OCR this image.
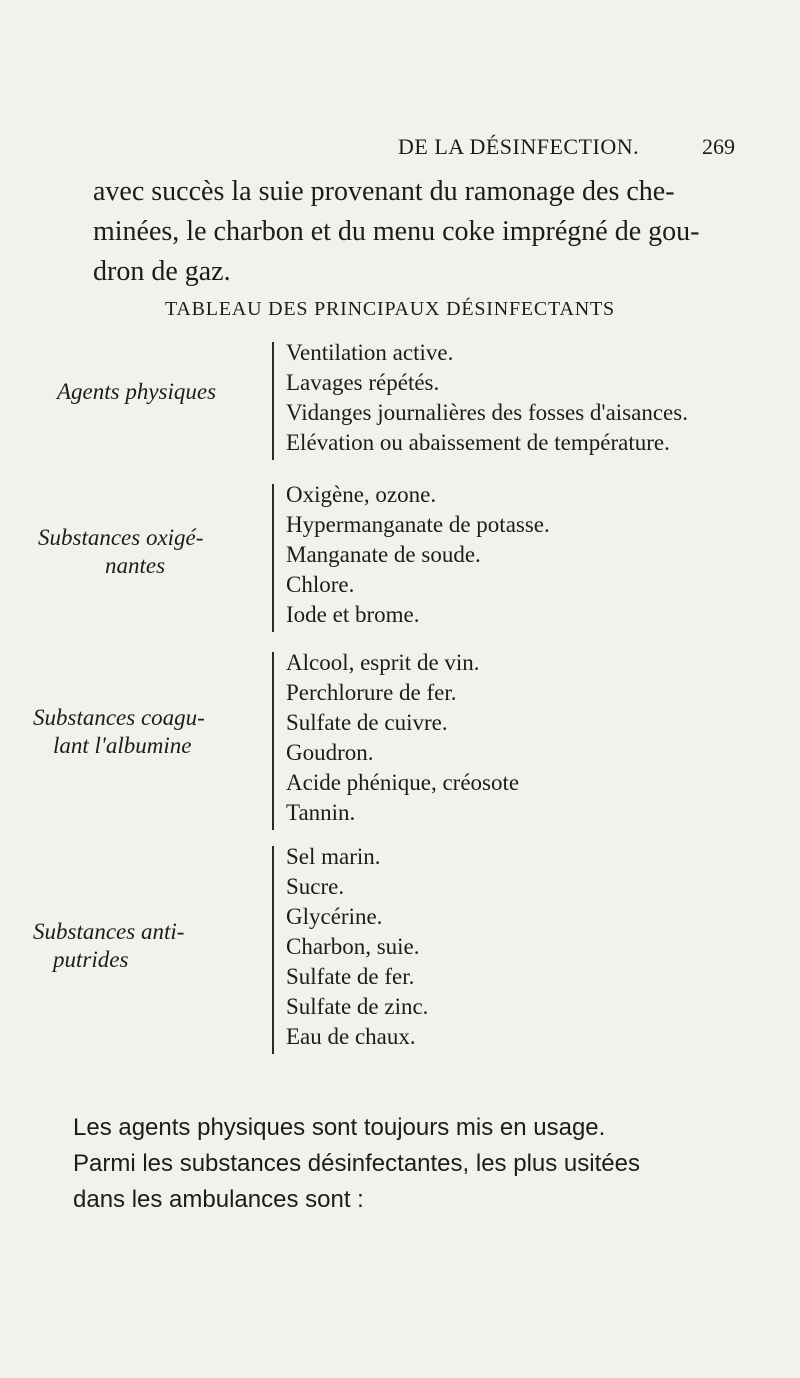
DE LA DÉSINFECTION.	269
avec succès la suie provenant du ramonage des che-
minées, le charbon et du menu coke imprégné de gou-
dron de gaz.
TABLEAU DES PRINCIPAUX DÉSINFECTANTS
Agents physiques
Ventilation active.
Lavages répétés.
Vidanges journalières des fosses d'aisances.
Elévation ou abaissement de température.
Substances oxigé-
nantes
Oxigène, ozone.
Hypermanganate de potasse.
Manganate de soude.
Chlore.
Iode et brome.
Substances coagu-
lant l'albumine
Alcool, esprit de vin.
Perchlorure de fer.
Sulfate de cuivre.
Goudron.
Acide phénique, créosote
Tannin.
Substances anti-
putrides
Sel marin.
Sucre.
Glycérine.
Charbon, suie.
Sulfate de fer.
Sulfate de zinc.
Eau de chaux.
Les agents physiques sont toujours mis en usage.
Parmi les substances désinfectantes, les plus usitées
dans les ambulances sont :
